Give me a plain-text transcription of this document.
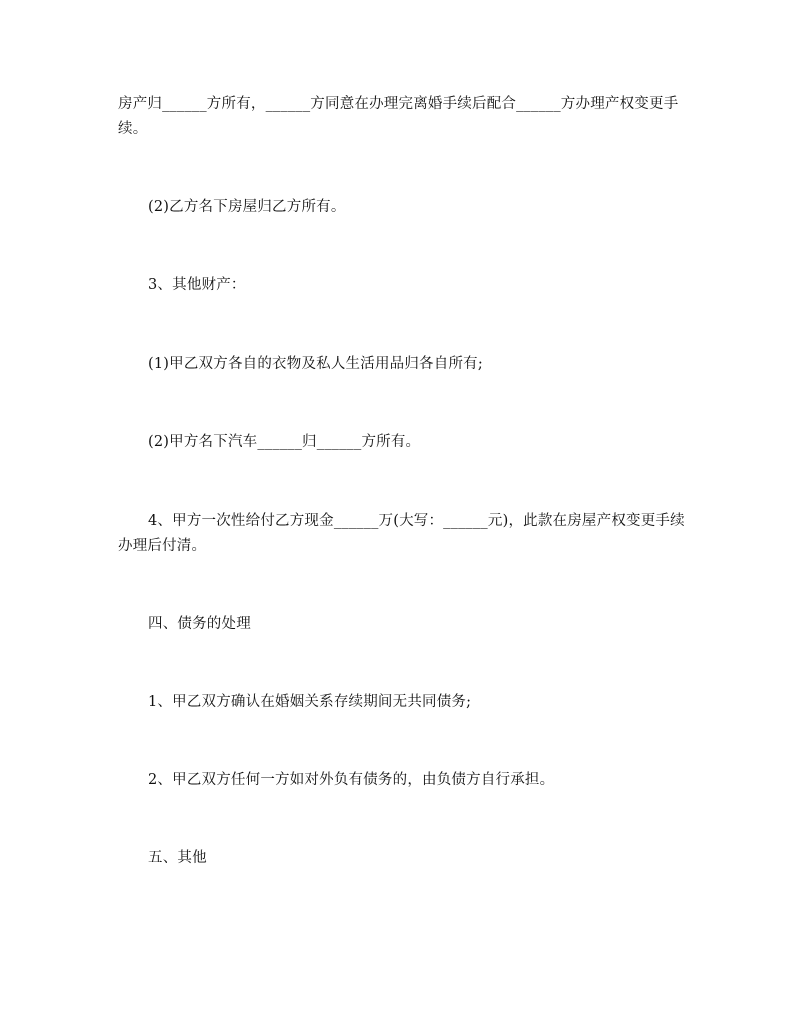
房产归______方所有，______方同意在办理完离婚手续后配合______方办理产权变更手续。

(2)乙方名下房屋归乙方所有。

3、其他财产：

(1)甲乙双方各自的衣物及私人生活用品归各自所有;

(2)甲方名下汽车______归______方所有。

4、甲方一次性给付乙方现金______万(大写：______元)，此款在房屋产权变更手续办理后付清。

四、债务的处理

1、甲乙双方确认在婚姻关系存续期间无共同债务;

2、甲乙双方任何一方如对外负有债务的，由负债方自行承担。

五、其他
